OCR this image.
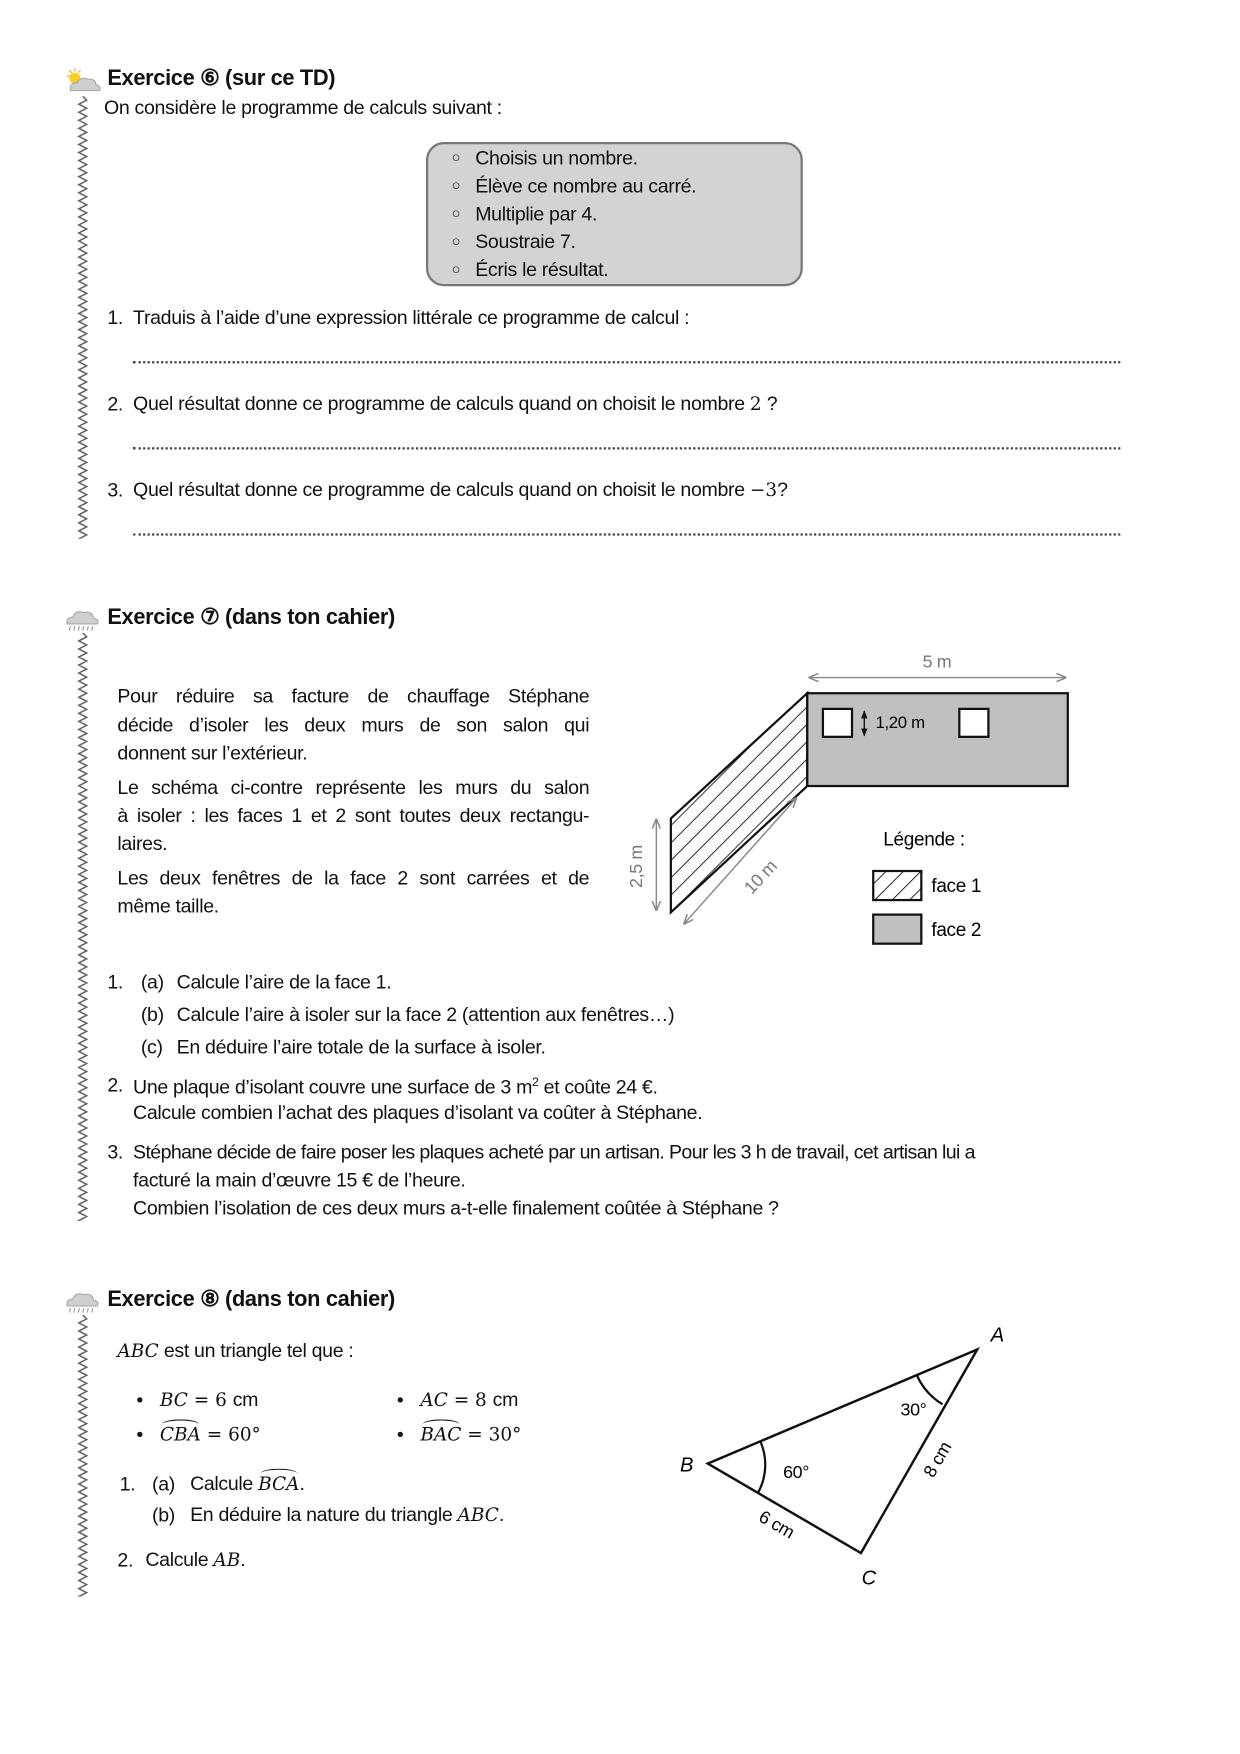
Exercice ⑥ (sur ce TD)
On considère le programme de calculs suivant :
○ Choisis un nombre.
○ Élève ce nombre au carré.
○ Multiplie par 4.
○ Soustraie 7.
○ Écris le résultat.
1. Traduis à l’aide d’une expression littérale ce programme de calcul :
2. Quel résultat donne ce programme de calculs quand on choisit le nombre 2 ?
3. Quel résultat donne ce programme de calculs quand on choisit le nombre −3?
Exercice ⑦ (dans ton cahier)
Pour réduire sa facture de chauffage Stéphane
décide d’isoler les deux murs de son salon qui
donnent sur l’extérieur.
Le schéma ci-contre représente les murs du salon
à isoler : les faces 1 et 2 sont toutes deux rectangu-
laires.
Les deux fenêtres de la face 2 sont carrées et de
même taille.
1,20 m
5 m
2,5 m	10 m
Légende :
face 1
face 2
1. (a) Calcule l’aire de la face 1.
(b) Calcule l’aire à isoler sur la face 2 (attention aux fenêtres…)
(c) En déduire l’aire totale de la surface à isoler.
2. Une plaque d’isolant couvre une surface de 3 $m^2$ et coûte 24 €.
Calcule combien l’achat des plaques d’isolant va coûter à Stéphane.
3. Stéphane décide de faire poser les plaques acheté par un artisan. Pour les 3 h de travail, cet artisan lui a
facturé la main d’œuvre 15 € de l’heure.
Combien l’isolation de ces deux murs a-t-elle finalement coûtée à Stéphane ?
Exercice ⑧ (dans ton cahier)
ABC est un triangle tel que :
• BC = 6 cm	• AC = 8 cm
• CBA = 60°	• BAC = 30°
1. (a) Calcule BCA.
(b) En déduire la nature du triangle ABC.
2. Calcule AB.
A
B
C
60°
30°
6 cm
8 cm
